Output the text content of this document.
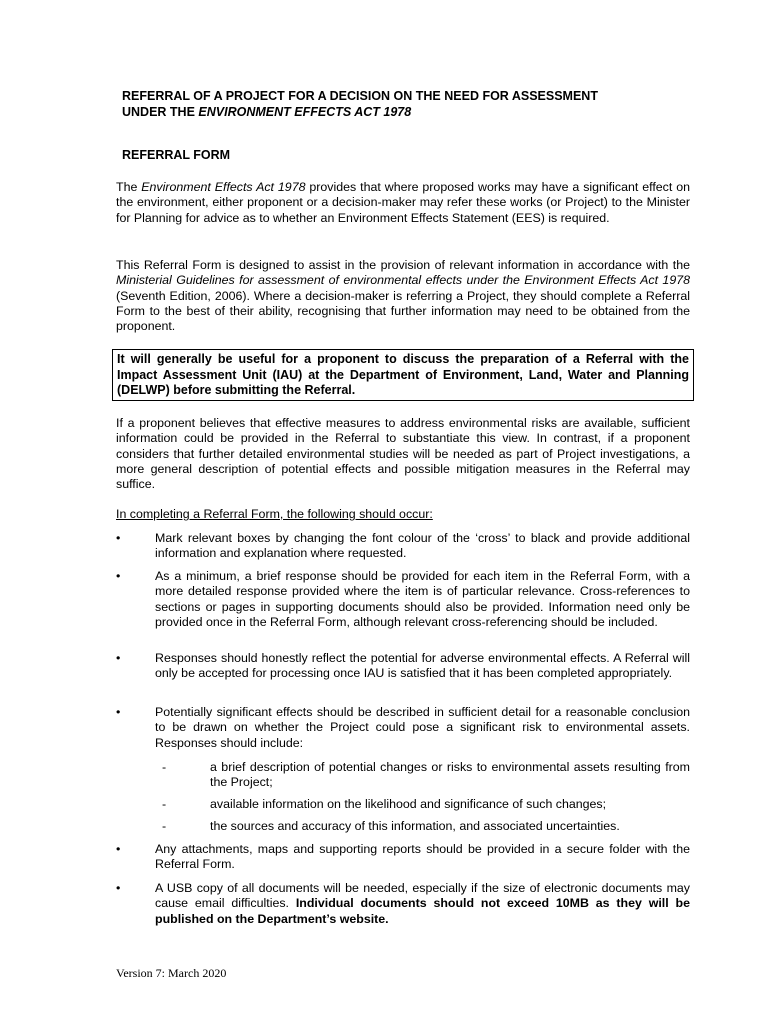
REFERRAL OF A PROJECT FOR A DECISION ON THE NEED FOR ASSESSMENT
UNDER THE ENVIRONMENT EFFECTS ACT 1978
REFERRAL FORM
The Environment Effects Act 1978 provides that where proposed works may have a significant effect on the environment, either proponent or a decision-maker may refer these works (or Project) to the Minister for Planning for advice as to whether an Environment Effects Statement (EES) is required.
This Referral Form is designed to assist in the provision of relevant information in accordance with the Ministerial Guidelines for assessment of environmental effects under the Environment Effects Act 1978 (Seventh Edition, 2006). Where a decision-maker is referring a Project, they should complete a Referral Form to the best of their ability, recognising that further information may need to be obtained from the proponent.
It will generally be useful for a proponent to discuss the preparation of a Referral with the Impact Assessment Unit (IAU) at the Department of Environment, Land, Water and Planning (DELWP) before submitting the Referral.
If a proponent believes that effective measures to address environmental risks are available, sufficient information could be provided in the Referral to substantiate this view. In contrast, if a proponent considers that further detailed environmental studies will be needed as part of Project investigations, a more general description of potential effects and possible mitigation measures in the Referral may suffice.
In completing a Referral Form, the following should occur:
•	Mark relevant boxes by changing the font colour of the ‘cross’ to black and provide additional information and explanation where requested.
•	As a minimum, a brief response should be provided for each item in the Referral Form, with a more detailed response provided where the item is of particular relevance. Cross-references to sections or pages in supporting documents should also be provided. Information need only be provided once in the Referral Form, although relevant cross-referencing should be included.
•	Responses should honestly reflect the potential for adverse environmental effects. A Referral will only be accepted for processing once IAU is satisfied that it has been completed appropriately.
•	Potentially significant effects should be described in sufficient detail for a reasonable conclusion to be drawn on whether the Project could pose a significant risk to environmental assets. Responses should include:
-	a brief description of potential changes or risks to environmental assets resulting from the Project;
-	available information on the likelihood and significance of such changes;
-	the sources and accuracy of this information, and associated uncertainties.
•	Any attachments, maps and supporting reports should be provided in a secure folder with the Referral Form.
•	A USB copy of all documents will be needed, especially if the size of electronic documents may cause email difficulties. Individual documents should not exceed 10MB as they will be published on the Department’s website.
Version 7: March 2020
